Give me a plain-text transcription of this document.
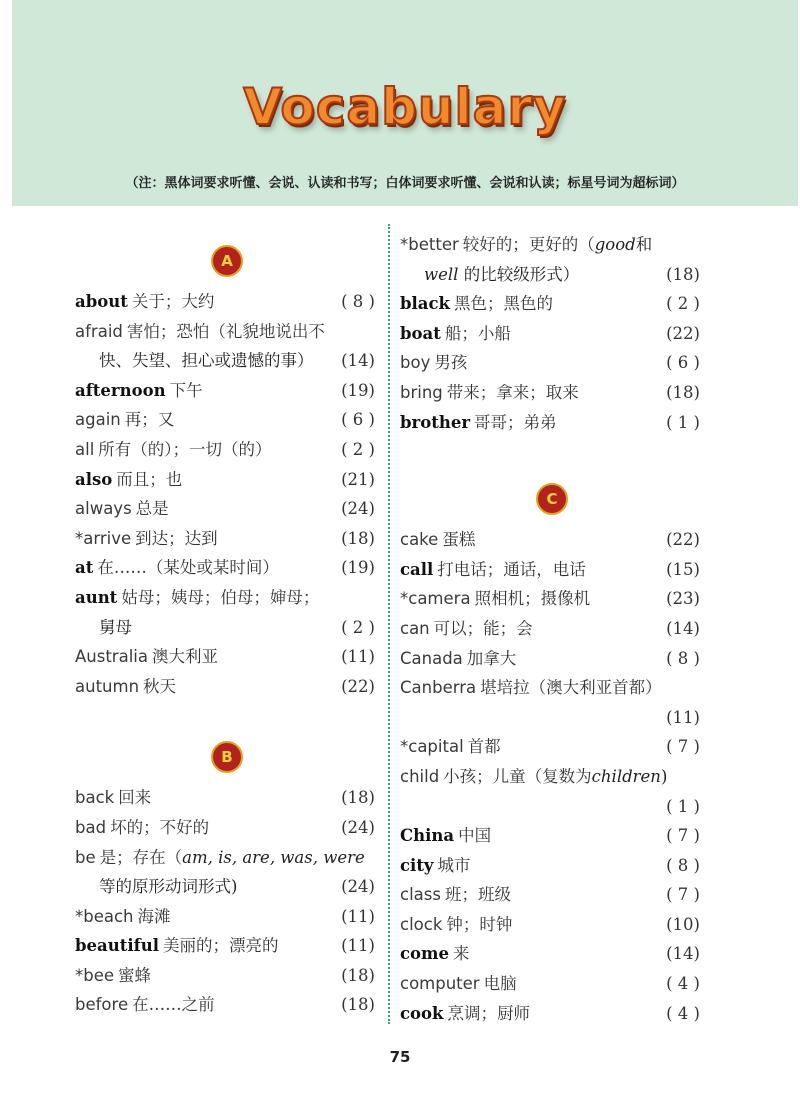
Vocabulary
（注：黑体词要求听懂、会说、认读和书写；白体词要求听懂、会说和认读；标星号词为超标词）
A
about 关于；大约	( 8 )
afraid 害怕；恐怕（礼貌地说出不
快、失望、担心或遗憾的事） (14)
afternoon 下午	(19)
again 再；又	( 6 )
all 所有（的）；一切（的）	( 2 )
also 而且；也	(21)
always 总是	(24)
*arrive 到达；达到	(18)
at 在……（某处或某时间）	(19)
aunt 姑母；姨母；伯母；婶母；
舅母	( 2 )
Australia 澳大利亚	(11)
autumn 秋天	(22)
B
back 回来	(18)
bad 坏的；不好的	(24)
be 是；存在（am, is, are, was, were
等的原形动词形式)	(24)
*beach 海滩	(11)
beautiful 美丽的；漂亮的	(11)
*bee 蜜蜂	(18)
before 在……之前	(18)
*better 较好的；更好的（good和
well 的比较级形式）	(18)
black 黑色；黑色的	( 2 )
boat 船；小船	(22)
boy 男孩	( 6 )
bring 带来；拿来；取来	(18)
brother 哥哥；弟弟	( 1 )
C
cake 蛋糕	(22)
call 打电话；通话，电话	(15)
*camera 照相机；摄像机	(23)
can 可以；能；会	(14)
Canada 加拿大	( 8 )
Canberra 堪培拉（澳大利亚首都）
(11)
*capital 首都	( 7 )
child 小孩；儿童（复数为children)
( 1 )
China 中国	( 7 )
city 城市	( 8 )
class 班；班级	( 7 )
clock 钟；时钟	(10)
come 来	(14)
computer 电脑	( 4 )
cook 烹调；厨师	( 4 )
75
